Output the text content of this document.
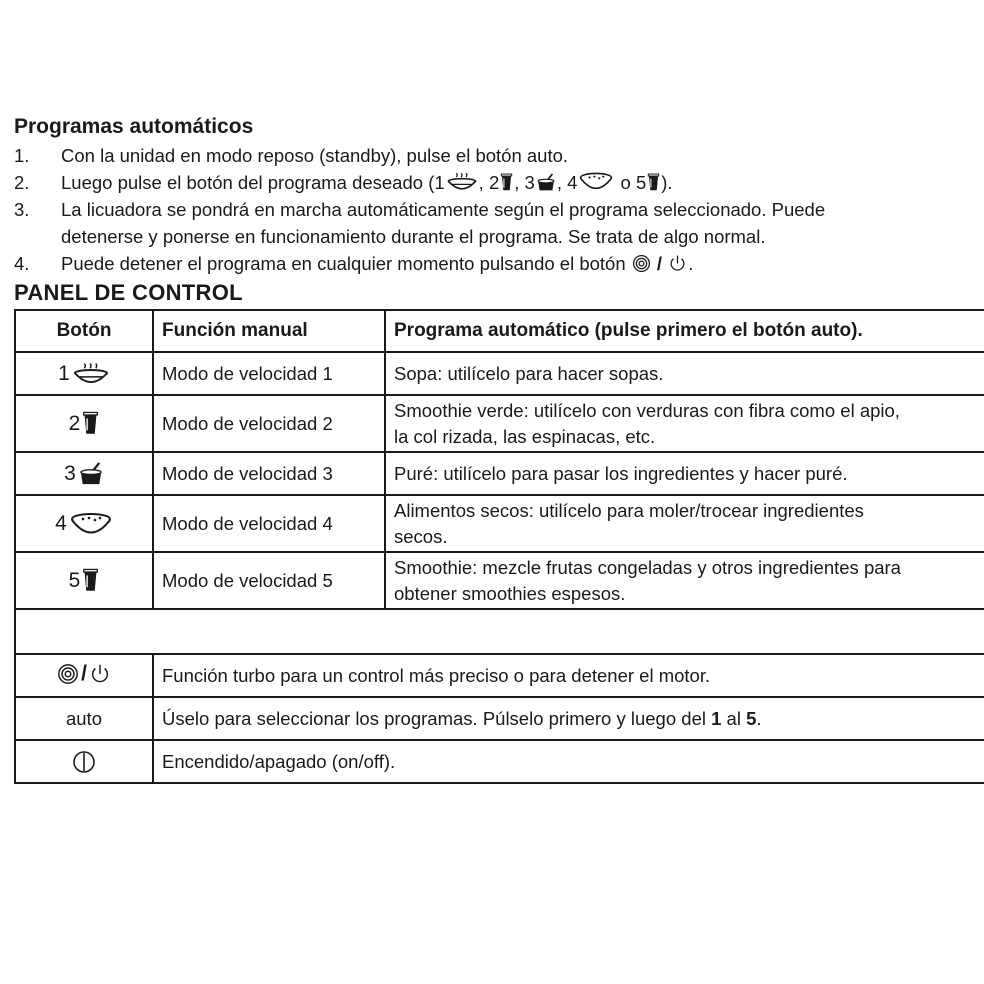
Programas automáticos
1.	Con la unidad en modo reposo (standby), pulse el botón auto.
2.	Luego pulse el botón del programa deseado (1 , 2 , 3 , 4 o 5 ).
3.	La licuadora se pondrá en marcha automáticamente según el programa seleccionado. Puede
detenerse y ponerse en funcionamiento durante el programa. Se trata de algo normal.
4.	Puede detener el programa en cualquier momento pulsando el botón  / .
PANEL DE CONTROL
Botón	Función manual	Programa automático (pulse primero el botón auto).

1	Modo de velocidad 1	Sopa: utilícelo para hacer sopas.

2	Modo de velocidad 2	Smoothie verde: utilícelo con verduras con fibra como el apio,
la col rizada, las espinacas, etc.

3	Modo de velocidad 3	Puré: utilícelo para pasar los ingredientes y hacer puré.

4	Modo de velocidad 4	Alimentos secos: utilícelo para moler/trocear ingredientes
secos.

5	Modo de velocidad 5	Smoothie: mezcle frutas congeladas y otros ingredientes para
obtener smoothies espesos.

/	Función turbo para un control más preciso o para detener el motor.	
auto	Úselo para seleccionar los programas. Púlselo primero y luego del 1 al 5.	
	Encendido/apagado (on/off).	
